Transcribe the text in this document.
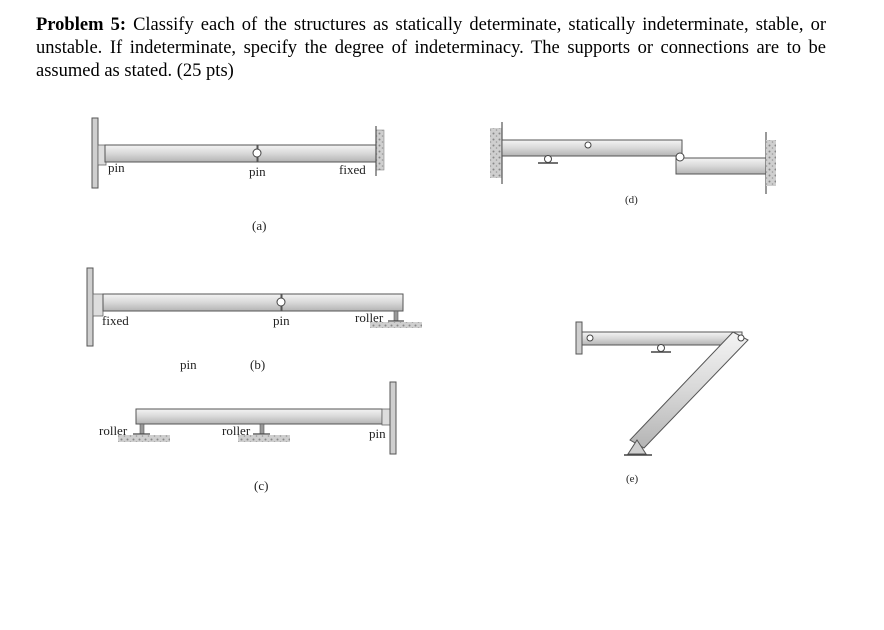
Problem 5: Classify each of the structures as statically determinate, statically indeterminate, stable, or unstable. If indeterminate, specify the degree of indeterminacy. The supports or connections are to be assumed as stated. (25 pts)
pin	pin	fixed
(a)
fixed	pin	roller
pin	(b)
roller	roller	pin
(c)
(d)
(e)
